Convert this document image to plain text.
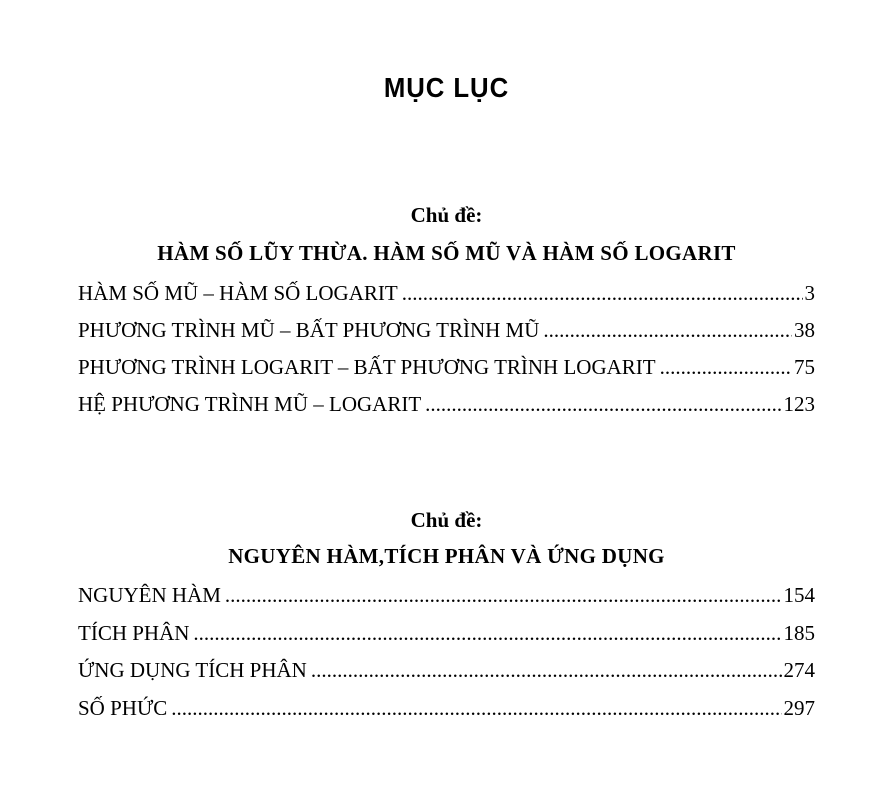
MỤC LỤC
Chủ đề:
HÀM SỐ LŨY THỪA. HÀM SỐ MŨ VÀ HÀM SỐ LOGARIT
HÀM SỐ MŨ – HÀM SỐ LOGARIT .....	3
PHƯƠNG TRÌNH MŨ – BẤT PHƯƠNG TRÌNH MŨ .....	38
PHƯƠNG TRÌNH LOGARIT – BẤT PHƯƠNG TRÌNH LOGARIT .....	75
HỆ PHƯƠNG TRÌNH MŨ – LOGARIT .....	123
Chủ đề:
NGUYÊN HÀM,TÍCH PHÂN VÀ ỨNG DỤNG
NGUYÊN HÀM .....	154
TÍCH PHÂN .....	185
ỨNG DỤNG TÍCH PHÂN .....	274
SỐ PHỨC .....	297
